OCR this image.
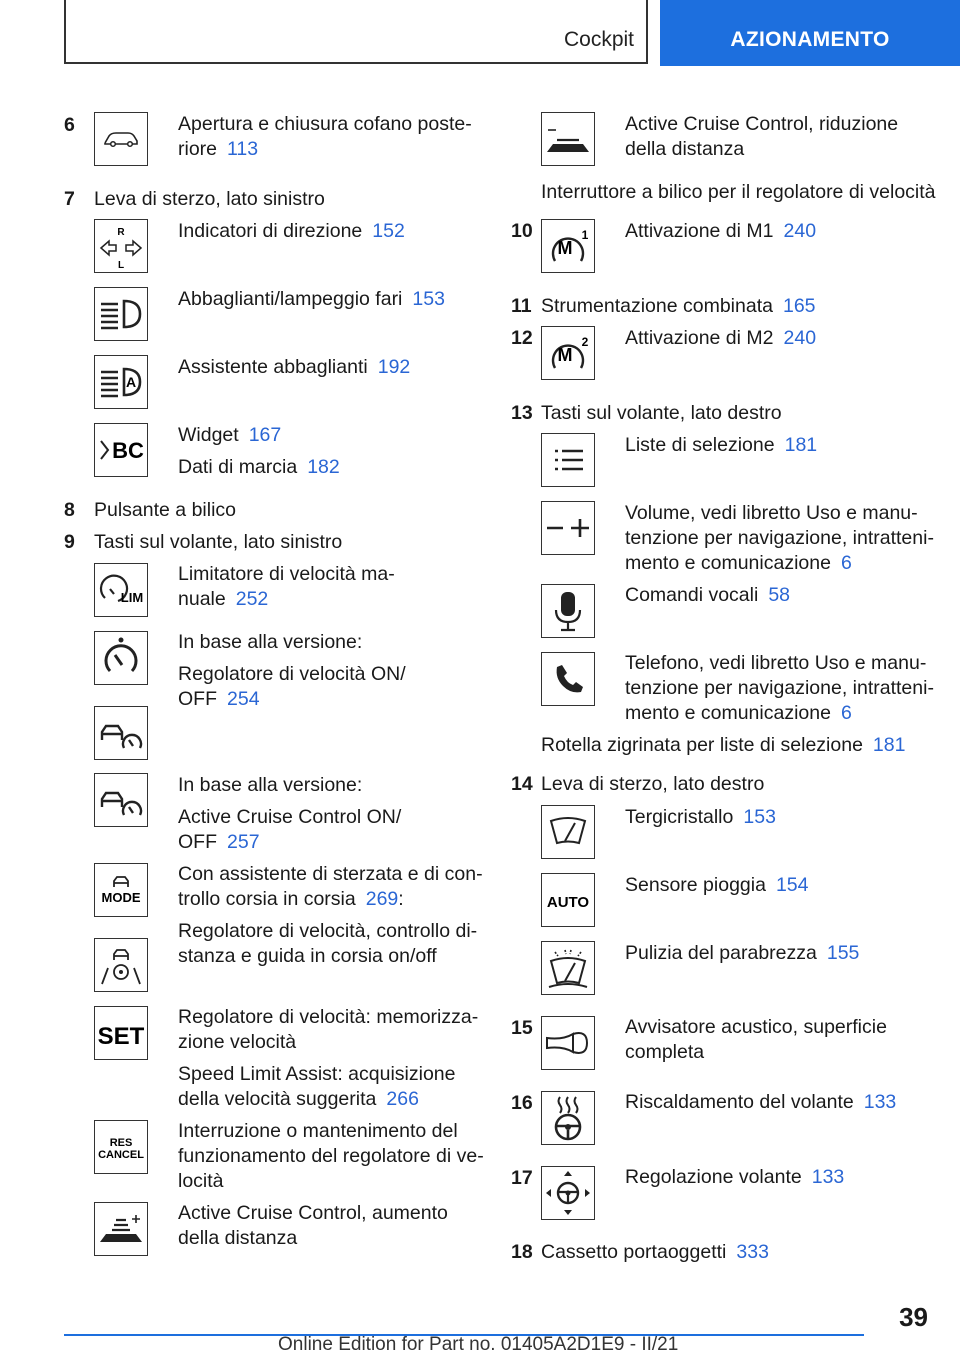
Cockpit	AZIONAMENTO
6	Apertura e chiusura cofano poste‐
riore 113
7 Leva di sterzo, lato sinistro
R
L
Indicatori di direzione 152
Abbaglianti/lampeggio fari 153
A
Assistente abbaglianti 192
BC
Widget 167
Dati di marcia 182
8 Pulsante a bilico
9 Tasti sul volante, lato sinistro
LIM
Limitatore di velocità ma‐
nuale 252
In base alla versione:
Regolatore di velocità ON/
OFF 254
In base alla versione:
Active Cruise Control ON/
OFF 257
MODE
Con assistente di sterzata e di con‐
trollo corsia in corsia 269:
Regolatore di velocità, controllo di‐
stanza e guida in corsia on/off
SET
Regolatore di velocità: memorizza‐
zione velocità
Speed Limit Assist: acquisizione
della velocità suggerita 266
RES
CANCEL
Interruzione o mantenimento del
funzionamento del regolatore di ve‐
locità
Active Cruise Control, aumento
della distanza
Active Cruise Control, riduzione
della distanza
Interruttore a bilico per il regolatore di velocità
10
M
1 Attivazione di M1 240
11 Strumentazione combinata 165
12
M
2 Attivazione di M2 240
13 Tasti sul volante, lato destro
Liste di selezione 181
Volume, vedi libretto Uso e manu‐
tenzione per navigazione, intratteni‐
mento e comunicazione 6
Comandi vocali 58
Telefono, vedi libretto Uso e manu‐
tenzione per navigazione, intratteni‐
mento e comunicazione 6
Rotella zigrinata per liste di selezione 181
14 Leva di sterzo, lato destro
Tergicristallo 153
AUTO
Sensore pioggia 154
Pulizia del parabrezza 155
15	Avvisatore acustico, superficie
completa
16	Riscaldamento del volante 133
17	Regolazione volante 133
18 Cassetto portaoggetti 333
39
Online Edition for Part no. 01405A2D1E9 - II/21
